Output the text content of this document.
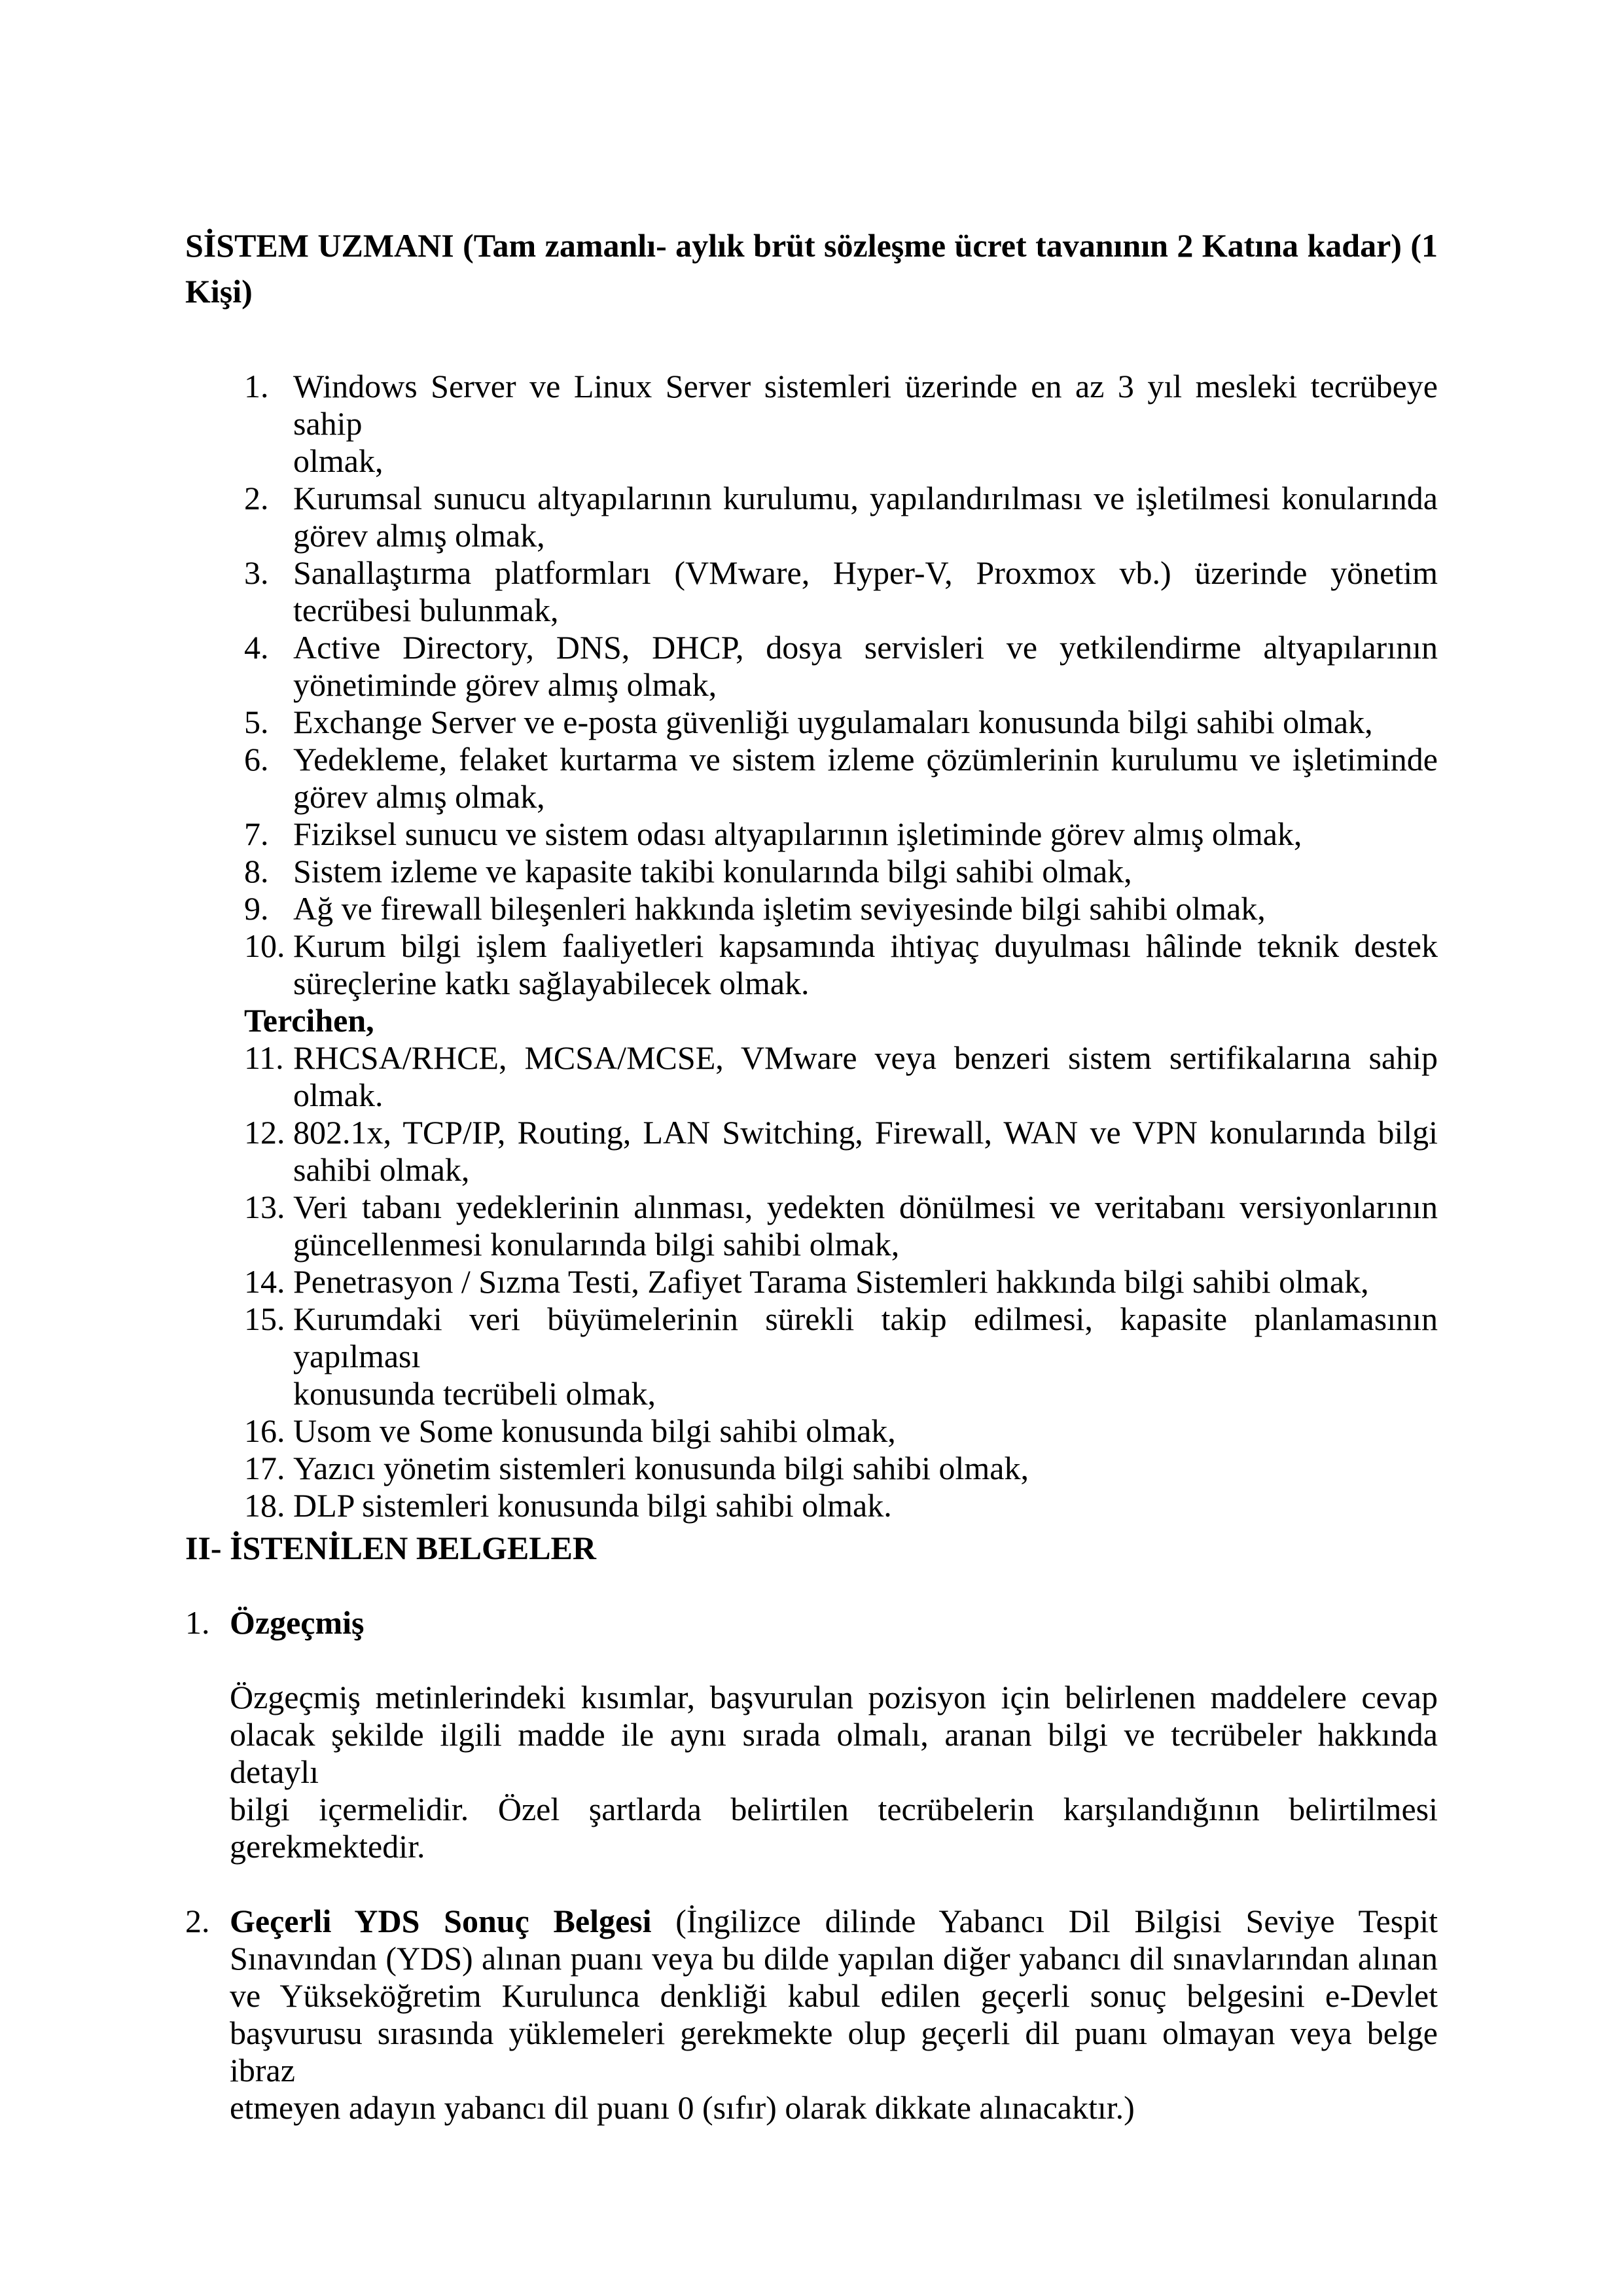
SİSTEM UZMANI (Tam zamanlı- aylık brüt sözleşme ücret tavanının 2 Katına kadar) (1
Kişi)
1. Windows Server ve Linux Server sistemleri üzerinde en az 3 yıl mesleki tecrübeye sahip
olmak,
2. Kurumsal sunucu altyapılarının kurulumu, yapılandırılması ve işletilmesi konularında
görev almış olmak,
3. Sanallaştırma platformları (VMware, Hyper-V, Proxmox vb.) üzerinde yönetim
tecrübesi bulunmak,
4. Active Directory, DNS, DHCP, dosya servisleri ve yetkilendirme altyapılarının
yönetiminde görev almış olmak,
5. Exchange Server ve e-posta güvenliği uygulamaları konusunda bilgi sahibi olmak,
6. Yedekleme, felaket kurtarma ve sistem izleme çözümlerinin kurulumu ve işletiminde
görev almış olmak,
7. Fiziksel sunucu ve sistem odası altyapılarının işletiminde görev almış olmak,
8. Sistem izleme ve kapasite takibi konularında bilgi sahibi olmak,
9. Ağ ve firewall bileşenleri hakkında işletim seviyesinde bilgi sahibi olmak,
10. Kurum bilgi işlem faaliyetleri kapsamında ihtiyaç duyulması hâlinde teknik destek
süreçlerine katkı sağlayabilecek olmak.
Tercihen,
11. RHCSA/RHCE, MCSA/MCSE, VMware veya benzeri sistem sertifikalarına sahip
olmak.
12. 802.1x, TCP/IP, Routing, LAN Switching, Firewall, WAN ve VPN konularında bilgi
sahibi olmak,
13. Veri tabanı yedeklerinin alınması, yedekten dönülmesi ve veritabanı versiyonlarının
güncellenmesi konularında bilgi sahibi olmak,
14. Penetrasyon / Sızma Testi, Zafiyet Tarama Sistemleri hakkında bilgi sahibi olmak,
15. Kurumdaki veri büyümelerinin sürekli takip edilmesi, kapasite planlamasının yapılması
konusunda tecrübeli olmak,
16. Usom ve Some konusunda bilgi sahibi olmak,
17. Yazıcı yönetim sistemleri konusunda bilgi sahibi olmak,
18. DLP sistemleri konusunda bilgi sahibi olmak.
II- İSTENİLEN BELGELER
1. Özgeçmiş
Özgeçmiş metinlerindeki kısımlar, başvurulan pozisyon için belirlenen maddelere cevap
olacak şekilde ilgili madde ile aynı sırada olmalı, aranan bilgi ve tecrübeler hakkında detaylı
bilgi içermelidir. Özel şartlarda belirtilen tecrübelerin karşılandığının belirtilmesi
gerekmektedir.
2. Geçerli YDS Sonuç Belgesi (İngilizce dilinde Yabancı Dil Bilgisi Seviye Tespit
Sınavından (YDS) alınan puanı veya bu dilde yapılan diğer yabancı dil sınavlarından alınan
ve Yükseköğretim Kurulunca denkliği kabul edilen geçerli sonuç belgesini e-Devlet
başvurusu sırasında yüklemeleri gerekmekte olup geçerli dil puanı olmayan veya belge ibraz
etmeyen adayın yabancı dil puanı 0 (sıfır) olarak dikkate alınacaktır.)
